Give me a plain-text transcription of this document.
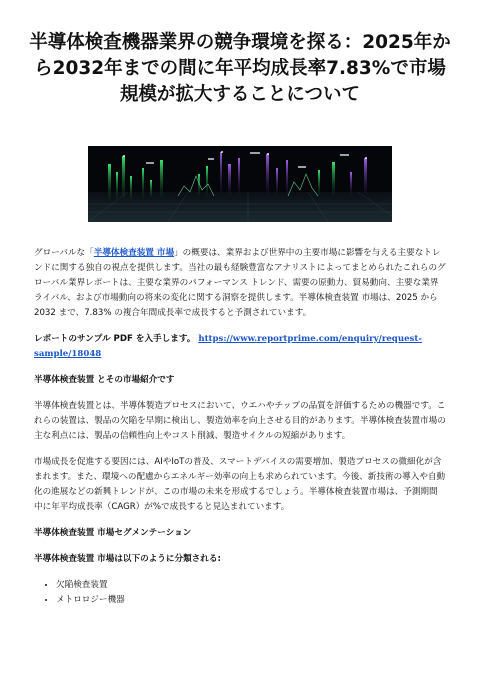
半導体検査機器業界の競争環境を探る：2025年から2032年までの間に年平均成長率7.83%で市場規模が拡大することについて

グローバルな「半導体検査装置 市場」の概要は、業界および世界中の主要市場に影響を与える主要なトレンドに関する独自の視点を提供します。当社の最も経験豊富なアナリストによってまとめられたこれらのグローバル業界レポートは、主要な業界のパフォーマンス トレンド、需要の原動力、貿易動向、主要な業界ライバル、および市場動向の将来の変化に関する洞察を提供します。半導体検査装置 市場は、2025 から 2032 まで、7.83% の複合年間成長率で成長すると予測されています。

レポートのサンプル PDF を入手します。 https://www.reportprime.com/enquiry/request-sample/18048

半導体検査装置 とその市場紹介です

半導体検査装置とは、半導体製造プロセスにおいて、ウエハやチップの品質を評価するための機器です。これらの装置は、製品の欠陥を早期に検出し、製造効率を向上させる目的があります。半導体検査装置市場の主な利点には、製品の信頼性向上やコスト削減、製造サイクルの短縮があります。

市場成長を促進する要因には、AIやIoTの普及、スマートデバイスの需要増加、製造プロセスの微細化が含まれます。また、環境への配慮からエネルギー効率の向上も求められています。今後、新技術の導入や自動化の進展などの新興トレンドが、この市場の未来を形成するでしょう。半導体検査装置市場は、予測期間中に年平均成長率（CAGR）が%で成長すると見込まれています。

半導体検査装置 市場セグメンテーション

半導体検査装置 市場は以下のように分類される:

• 欠陥検査装置
• メトロロジー機器
